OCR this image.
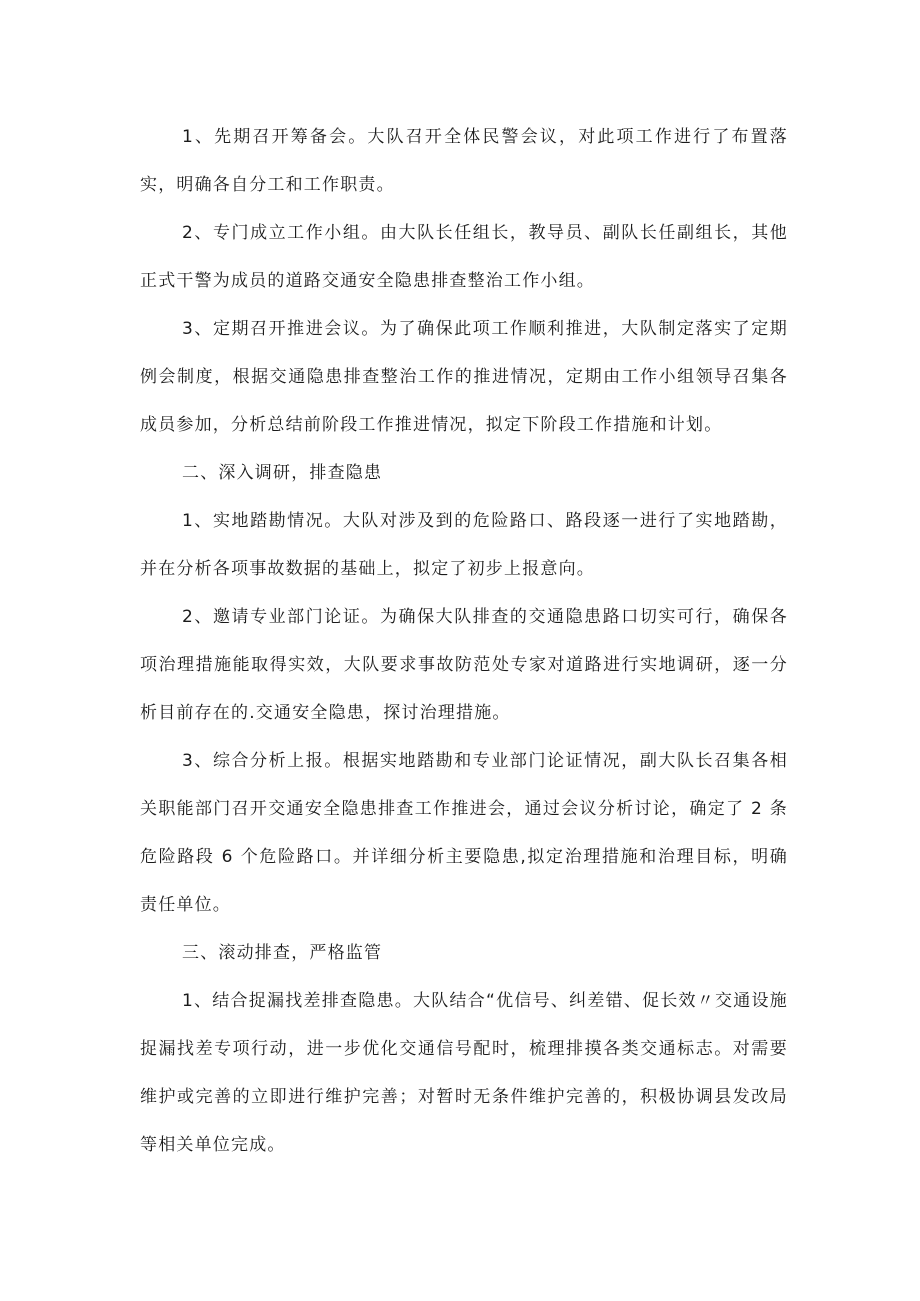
1、先期召开筹备会。大队召开全体民警会议，对此项工作进行了布置落实，明确各自分工和工作职责。

2、专门成立工作小组。由大队长任组长，教导员、副队长任副组长，其他正式干警为成员的道路交通安全隐患排查整治工作小组。

3、定期召开推进会议。为了确保此项工作顺利推进，大队制定落实了定期例会制度，根据交通隐患排查整治工作的推进情况，定期由工作小组领导召集各成员参加，分析总结前阶段工作推进情况，拟定下阶段工作措施和计划。

二、深入调研，排查隐患

1、实地踏勘情况。大队对涉及到的危险路口、路段逐一进行了实地踏勘，并在分析各项事故数据的基础上，拟定了初步上报意向。

2、邀请专业部门论证。为确保大队排查的交通隐患路口切实可行，确保各项治理措施能取得实效，大队要求事故防范处专家对道路进行实地调研，逐一分析目前存在的.交通安全隐患，探讨治理措施。

3、综合分析上报。根据实地踏勘和专业部门论证情况，副大队长召集各相关职能部门召开交通安全隐患排查工作推进会，通过会议分析讨论，确定了 2 条危险路段 6 个危险路口。并详细分析主要隐患,拟定治理措施和治理目标，明确责任单位。

三、滚动排查，严格监管

1、结合捉漏找差排查隐患。大队结合“优信号、纠差错、促长效〃交通设施捉漏找差专项行动，进一步优化交通信号配时，梳理排摸各类交通标志。对需要维护或完善的立即进行维护完善；对暂时无条件维护完善的，积极协调县发改局等相关单位完成。
